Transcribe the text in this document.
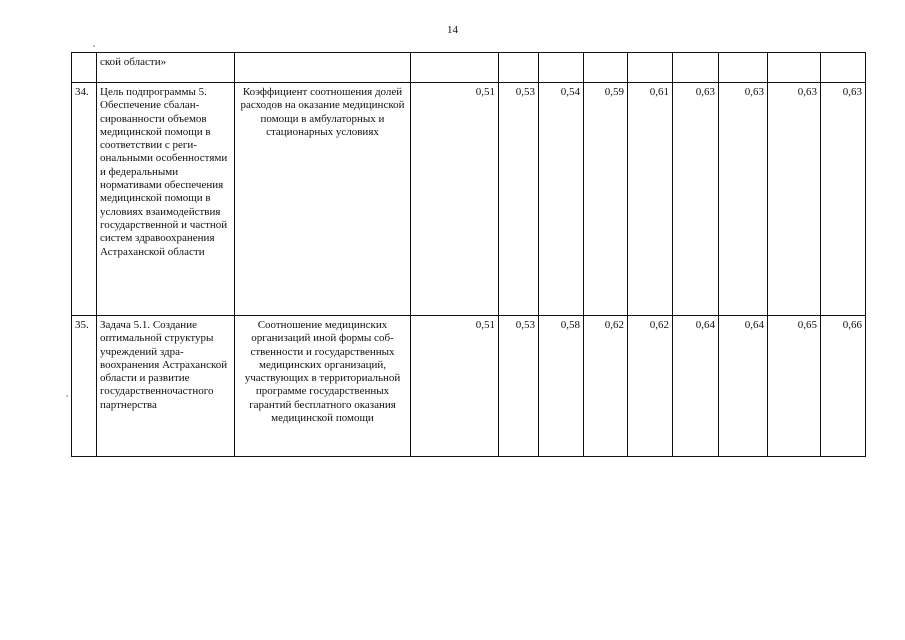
14
	ской области»										
34.	Цель подпрограммы 5. Обеспечение сбалансированности объемов медицинской помощи в соответствии с региональными особенностями и федеральными нормативами обеспечения медицинской помощи в условиях взаимодействия государственной и частной систем здравоохранения Астраханской области	Коэффициент соотношения долей расходов на оказание медицинской помощи в амбулаторных и стационарных условиях	0,51	0,53	0,54	0,59	0,61	0,63	0,63	0,63	0,63
35.	Задача 5.1. Создание оптимальной структуры учреждений здравоохранения Астраханской области и развитие государственночастного партнерства	Соотношение медицинских организаций иной формы собственности и государственных медицинских организаций, участвующих в территориальной программе государственных гарантий бесплатного оказания медицинской помощи	0,51	0,53	0,58	0,62	0,62	0,64	0,64	0,65	0,66
